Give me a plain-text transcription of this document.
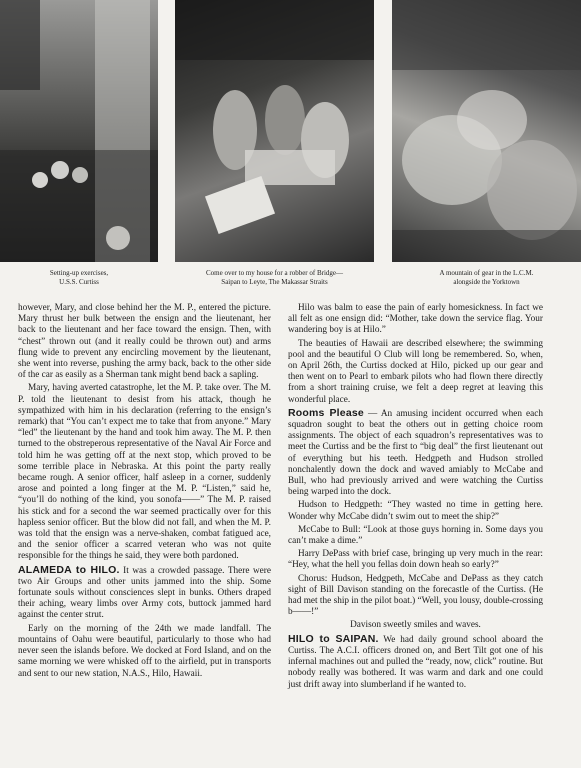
Setting-up exercises,
U.S.S. Curtiss
Come over to my house for a robber of Bridge—
Saipan to Leyte, The Makassar Straits
A mountain of gear in the L.C.M.
alongside the Yorktown

however, Mary, and close behind her the M. P., entered the picture. Mary thrust her bulk between the ensign and the lieutenant, her back to the lieutenant and her face toward the ensign. Then, with “chest” thrown out (and it really could be thrown out) and arms flung wide to prevent any encircling movement by the lieutenant, she went into reverse, pushing the army back, back to the other side of the car as easily as a Sherman tank might bend back a sapling.

Mary, having averted catastrophe, let the M. P. take over. The M. P. told the lieutenant to desist from his attack, though he sympathized with him in his declaration (referring to the ensign’s remark) that “You can’t expect me to take that from anyone.” Mary “led” the lieutenant by the hand and took him away. The M. P. then turned to the obstreperous representative of the Naval Air Force and told him he was getting off at the next stop, which proved to be some terrible place in Nebraska. At this point the party really became rough. A senior officer, half asleep in a corner, suddenly arose and pointed a long finger at the M. P. “Listen,” said he, “you’ll do nothing of the kind, you sonofa——” The M. P. raised his stick and for a second the war seemed practically over for this hapless senior officer. But the blow did not fall, and when the M. P. was told that the ensign was a nerve-shaken, combat fatigued ace, and the senior officer a scarred veteran who was not quite responsible for the things he said, they were both pardoned.

ALAMEDA to HILO. It was a crowded passage. There were two Air Groups and other units jammed into the ship. Some fortunate souls without consciences slept in bunks. Others draped their aching, weary limbs over Army cots, buttock jammed hard against the center strut.

Early on the morning of the 24th we made landfall. The mountains of Oahu were beautiful, particularly to those who had never seen the islands before. We docked at Ford Island, and on the same morning we were whisked off to the airfield, put in transports and sent to our new station, N.A.S., Hilo, Hawaii.

Hilo was balm to ease the pain of early homesickness. In fact we all felt as one ensign did: “Mother, take down the service flag. Your wandering boy is at Hilo.”

The beauties of Hawaii are described elsewhere; the swimming pool and the beautiful O Club will long be remembered. So, when, on April 26th, the Curtiss docked at Hilo, picked up our gear and then went on to Pearl to embark pilots who had flown there directly from a short training cruise, we felt a deep regret at leaving this wonderful place.

Rooms Please — An amusing incident occurred when each squadron sought to beat the others out in getting choice room assignments. The object of each squadron’s representatives was to meet the Curtiss and be the first to “big deal” the first lieutenant out of everything but his teeth. Hedgpeth and Hudson strolled nonchalently down the dock and waved amiably to McCabe and Bull, who had previously arrived and were watching the Curtiss being warped into the dock.

Hudson to Hedgpeth: “They wasted no time in getting here. Wonder why McCabe didn’t swim out to meet the ship?”

McCabe to Bull: “Look at those guys horning in. Some days you can’t make a dime.”

Harry DePass with brief case, bringing up very much in the rear: “Hey, what the hell you fellas doin down heah so early?”

Chorus: Hudson, Hedgpeth, McCabe and DePass as they catch sight of Bill Davison standing on the forecastle of the Curtiss. (He had met the ship in the pilot boat.) “Well, you lousy, double-crossing b——!”

Davison sweetly smiles and waves.

HILO to SAIPAN. We had daily ground school aboard the Curtiss. The A.C.I. officers droned on, and Bert Tilt got one of his infernal machines out and pulled the “ready, now, click” routine. But nobody really was bothered. It was warm and dark and one could just drift away into slumberland if he wanted to.
